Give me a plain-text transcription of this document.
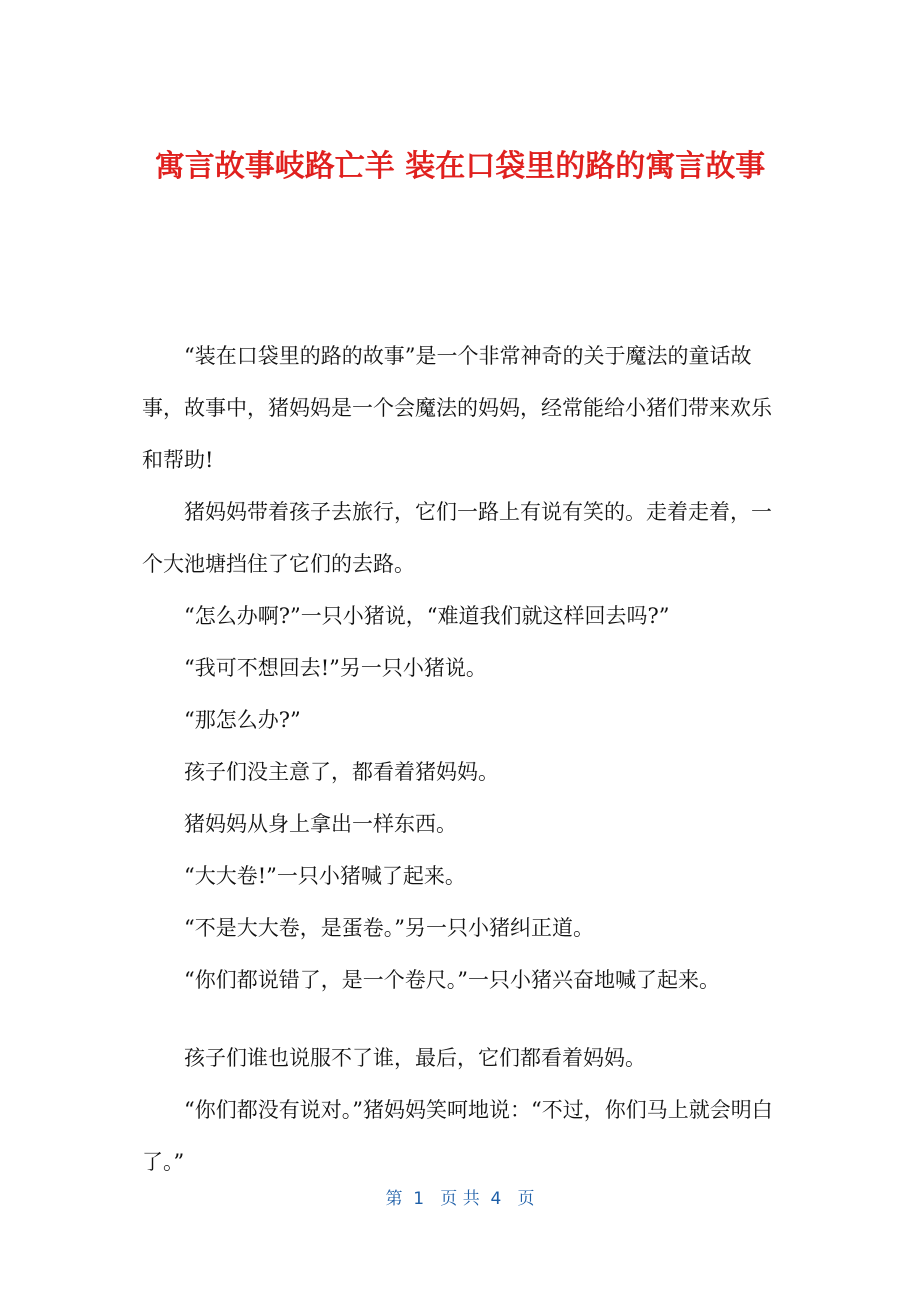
寓言故事岐路亡羊 装在口袋里的路的寓言故事

“装在口袋里的路的故事”是一个非常神奇的关于魔法的童话故事，故事中，猪妈妈是一个会魔法的妈妈，经常能给小猪们带来欢乐和帮助!

猪妈妈带着孩子去旅行，它们一路上有说有笑的。走着走着，一个大池塘挡住了它们的去路。

“怎么办啊?”一只小猪说，“难道我们就这样回去吗?”

“我可不想回去!”另一只小猪说。

“那怎么办?”

孩子们没主意了，都看着猪妈妈。

猪妈妈从身上拿出一样东西。

“大大卷!”一只小猪喊了起来。

“不是大大卷，是蛋卷。”另一只小猪纠正道。

“你们都说错了，是一个卷尺。”一只小猪兴奋地喊了起来。

孩子们谁也说服不了谁，最后，它们都看着妈妈。

“你们都没有说对。”猪妈妈笑呵地说：“不过，你们马上就会明白了。”

第  1   页 共  4   页
